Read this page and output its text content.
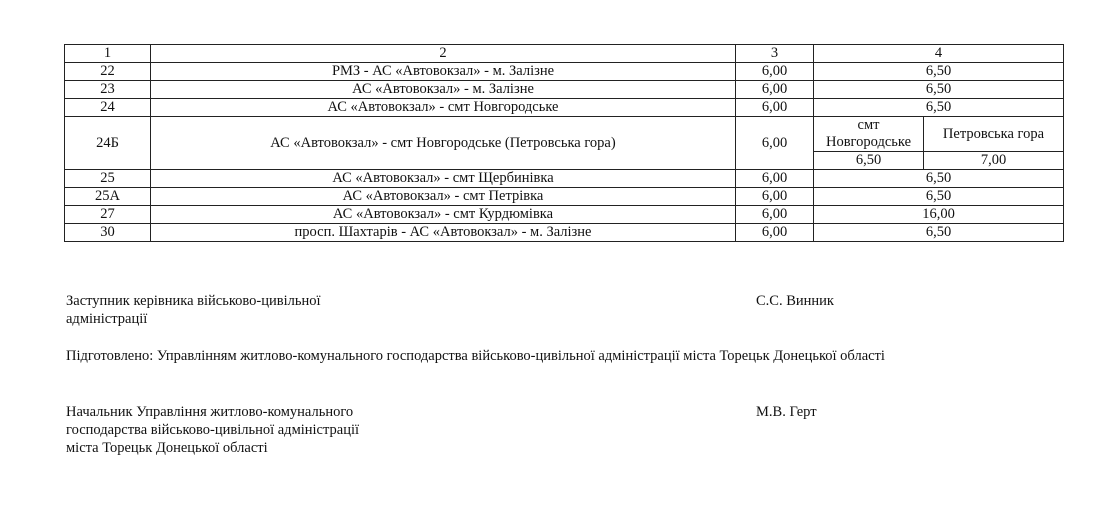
1	2	3	4	
22	РМЗ - АС «Автовокзал» - м. Залізне	6,00	6,50	
23	АС «Автовокзал» - м. Залізне	6,00	6,50	
24	АС «Автовокзал» - смт Новгородське	6,00	6,50	
24Б	АС «Автовокзал» - смт Новгородське (Петровська гора)	6,00	смт Новгородське	Петровська гора
			6,50	7,00
25	АС «Автовокзал» - смт Щербинівка	6,00	6,50	
25А	АС «Автовокзал» - смт Петрівка	6,00	6,50	
27	АС «Автовокзал» - смт Курдюмівка	6,00	16,00	
30	просп. Шахтарів - АС «Автовокзал» - м. Залізне	6,00	6,50	
Заступник керівника військово-цивільної
адміністрації
С.С. Винник
Підготовлено: Управлінням житлово-комунального господарства військово-цивільної адміністрації міста Торецьк Донецької області
Начальник Управління житлово-комунального
господарства військово-цивільної адміністрації
міста Торецьк Донецької області
М.В. Герт
